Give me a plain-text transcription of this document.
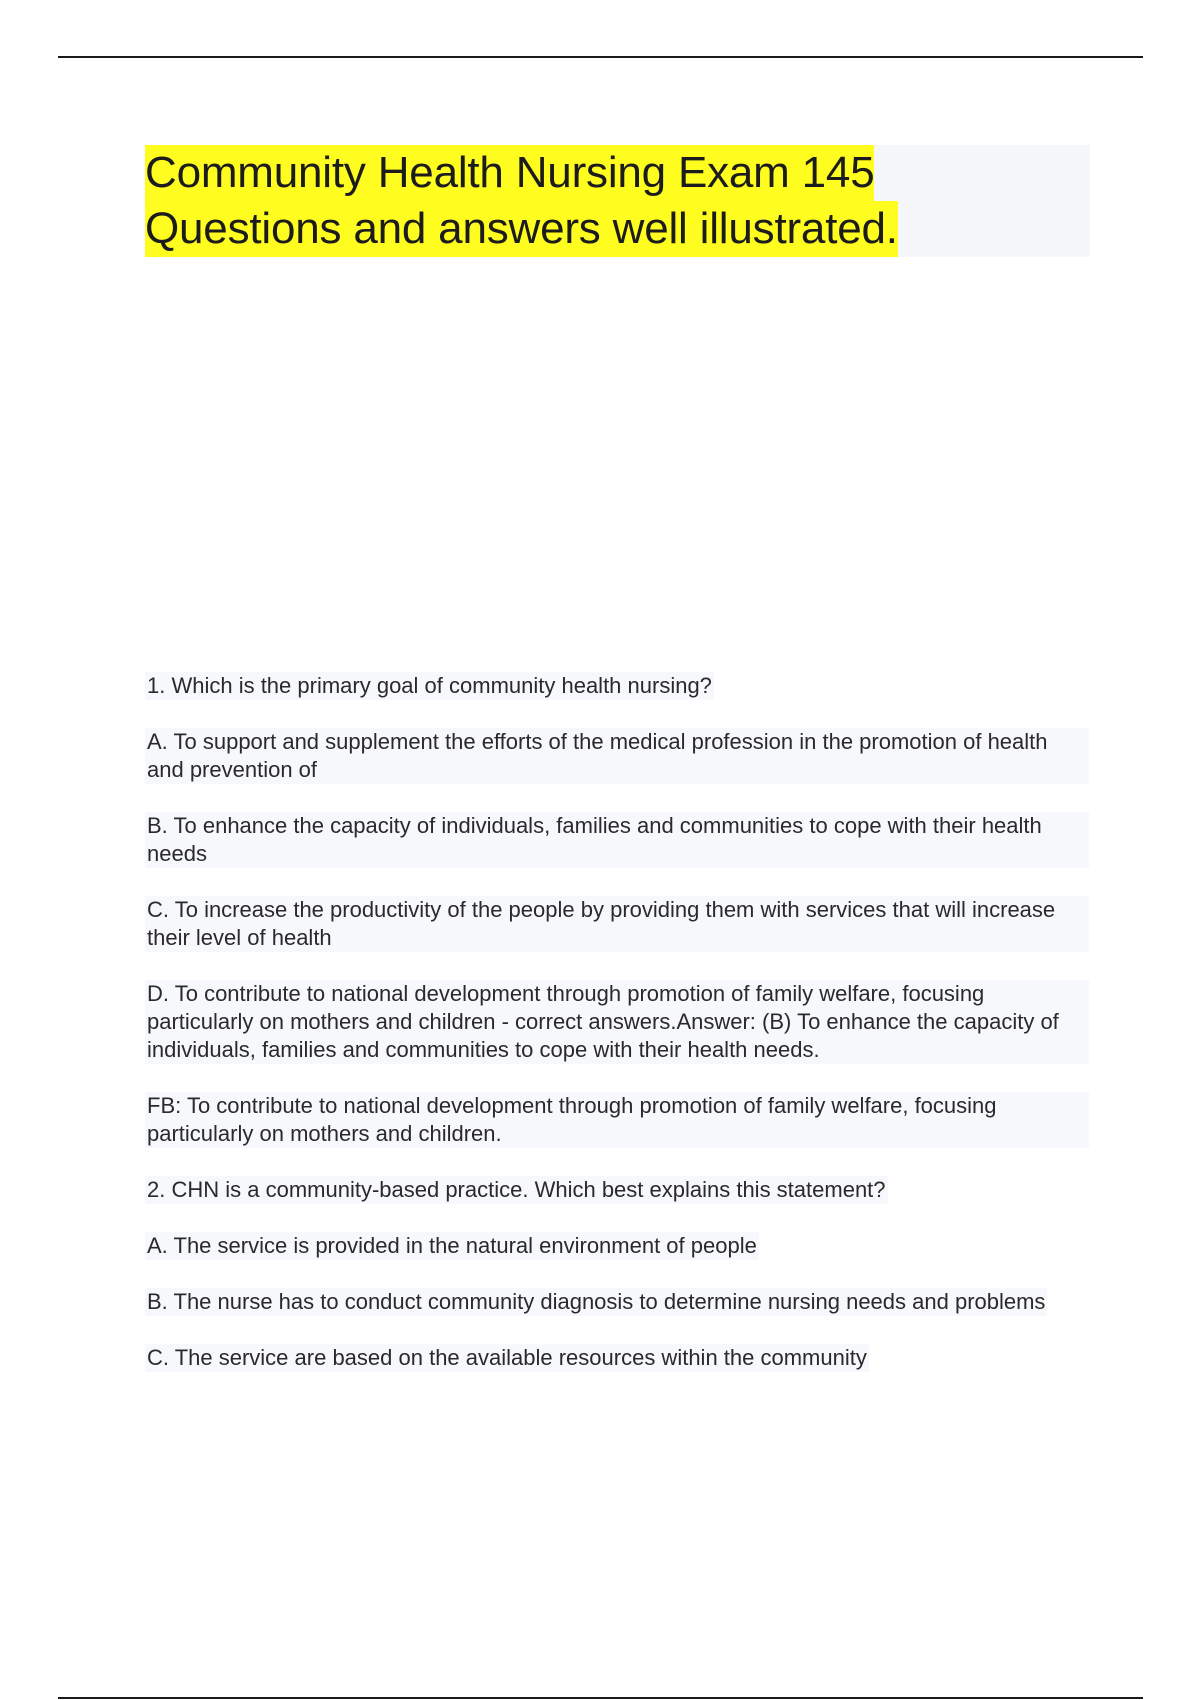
Community Health Nursing Exam 145
Questions and answers well illustrated.

1. Which is the primary goal of community health nursing?

A. To support and supplement the efforts of the medical profession in the promotion of health and prevention of

B. To enhance the capacity of individuals, families and communities to cope with their health needs

C. To increase the productivity of the people by providing them with services that will increase their level of health

D. To contribute to national development through promotion of family welfare, focusing particularly on mothers and children - correct answers.Answer: (B) To enhance the capacity of individuals, families and communities to cope with their health needs.

FB: To contribute to national development through promotion of family welfare, focusing particularly on mothers and children.

2. CHN is a community-based practice. Which best explains this statement?

A. The service is provided in the natural environment of people

B. The nurse has to conduct community diagnosis to determine nursing needs and problems

C. The service are based on the available resources within the community
